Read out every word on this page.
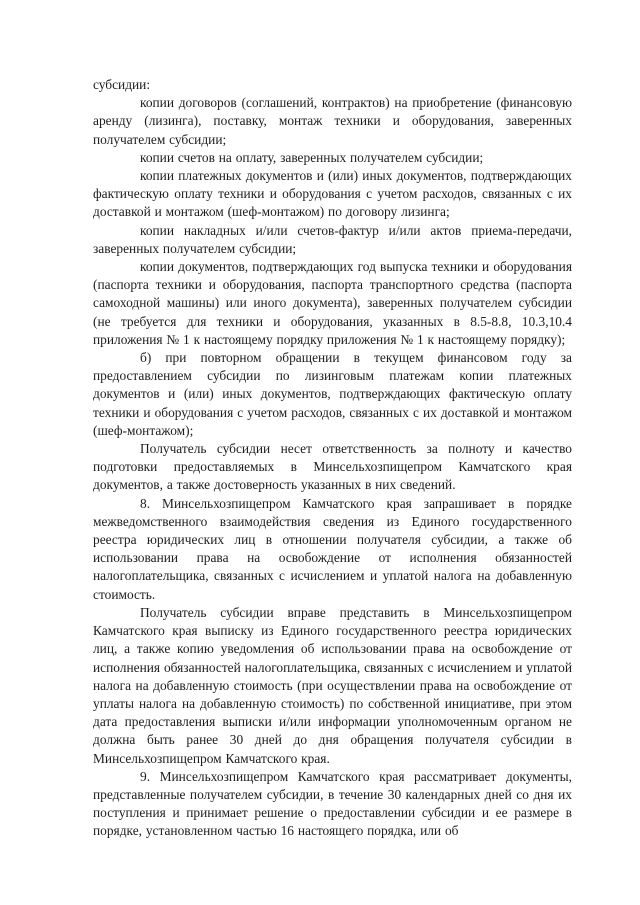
субсидии:

копии договоров (соглашений, контрактов) на приобретение (финансовую аренду (лизинга), поставку, монтаж техники и оборудования, заверенных получателем субсидии;

копии счетов на оплату, заверенных получателем субсидии;

копии платежных документов и (или) иных документов, подтверждающих фактическую оплату техники и оборудования с учетом расходов, связанных с их доставкой и монтажом (шеф-монтажом) по договору лизинга;

копии накладных и/или счетов-фактур и/или актов приема-передачи, заверенных получателем субсидии;

копии документов, подтверждающих год выпуска техники и оборудования (паспорта техники и оборудования, паспорта транспортного средства (паспорта самоходной машины) или иного документа), заверенных получателем субсидии (не требуется для техники и оборудования, указанных в 8.5-8.8, 10.3,10.4 приложения № 1 к настоящему порядку приложения № 1 к настоящему порядку);

б) при повторном обращении в текущем финансовом году за предоставлением субсидии по лизинговым платежам копии платежных документов и (или) иных документов, подтверждающих фактическую оплату техники и оборудования с учетом расходов, связанных с их доставкой и монтажом (шеф-монтажом);

Получатель субсидии несет ответственность за полноту и качество подготовки предоставляемых в Минсельхозпищепром Камчатского края документов, а также достоверность указанных в них сведений.

8. Минсельхозпищепром Камчатского края запрашивает в порядке межведомственного взаимодействия сведения из Единого государственного реестра юридических лиц в отношении получателя субсидии, а также об использовании права на освобождение от исполнения обязанностей налогоплательщика, связанных с исчислением и уплатой налога на добавленную стоимость.

Получатель субсидии вправе представить в Минсельхозпищепром Камчатского края выписку из Единого государственного реестра юридических лиц, а также копию уведомления об использовании права на освобождение от исполнения обязанностей налогоплательщика, связанных с исчислением и уплатой налога на добавленную стоимость (при осуществлении права на освобождение от уплаты налога на добавленную стоимость) по собственной инициативе, при этом дата предоставления выписки и/или информации уполномоченным органом не должна быть ранее 30 дней до дня обращения получателя субсидии в Минсельхозпищепром Камчатского края.

9. Минсельхозпищепром Камчатского края рассматривает документы, представленные получателем субсидии, в течение 30 календарных дней со дня их поступления и принимает решение о предоставлении субсидии и ее размере в порядке, установленном частью 16 настоящего порядка, или об
